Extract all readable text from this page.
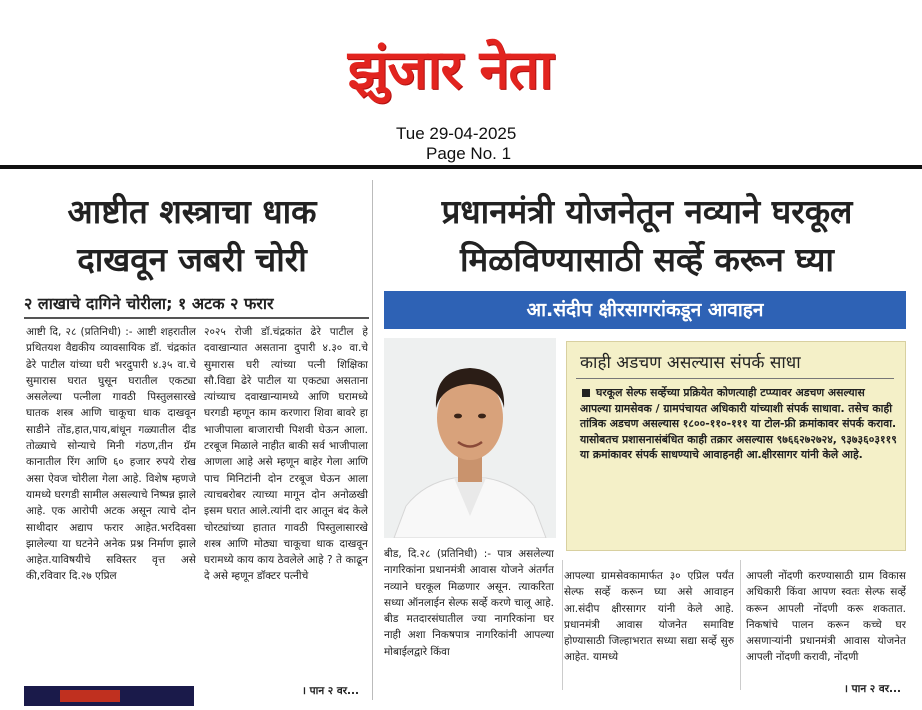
झुंजार नेता
Tue 29-04-2025
Page No. 1
आष्टीत शस्त्राचा धाक
दाखवून जबरी चोरी
२ लाखाचे दागिने चोरीला; १ अटक २ फरार
आष्टी दि, २८ (प्रतिनिधी) :- आष्टी शहरातील प्रथितयश वैद्यकीय व्यावसायिक डॉ. चंद्रकांत ढेरे पाटील यांच्या घरी भरदुपारी ४.३५ वा.चे सुमारास घरात घुसून घरातील एकट्या असलेल्या पत्नीला गावठी पिस्तुलसारखे घातक शस्त्र आणि चाकूचा धाक दाखवून साडीने तोंड,हात,पाय,बांधून गळ्यातील दीड तोळ्याचे सोन्याचे मिनी गंठण,तीन ग्रॅम कानातील रिंग आणि ६० हजार रुपये रोख असा ऐवज चोरीला गेला आहे. विशेष म्हणजे यामध्ये घरगडी सामील असल्याचे निष्पन्न झाले आहे. एक आरोपी अटक असून त्याचे दोन साथीदार अद्याप फरार आहेत.भरदिवसा झालेल्या या घटनेने अनेक प्रश्न निर्माण झाले आहेत.याविषयीचे सविस्तर वृत्त असे की,रविवार दि.२७ एप्रिल
२०२५ रोजी डॉ.चंद्रकांत ढेरे पाटील हे दवाखान्यात असताना दुपारी ४.३० वा.चे सुमारास घरी त्यांच्या पत्नी शिक्षिका सौ.विद्या ढेरे पाटील या एकट्या असताना त्यांच्याच दवाखान्यामध्ये आणि घरामध्ये घरगडी म्हणून काम करणारा शिवा बावरे हा भाजीपाला बाजाराची पिशवी घेऊन आला. टरबूज मिळाले नाहीत बाकी सर्व भाजीपाला आणला आहे असे म्हणून बाहेर गेला आणि पाच मिनिटांनी दोन टरबूज घेऊन आला त्याचबरोबर त्याच्या मागून दोन अनोळखी इसम घरात आले.त्यांनी दार आतून बंद केले चोरट्यांच्या हातात गावठी पिस्तुलासारखे शस्त्र आणि मोठ्या चाकूचा धाक दाखवून घरामध्ये काय काय ठेवलेले आहे ? ते काढून दे असे म्हणून डॉक्टर पत्नीचे
। पान २ वर...
प्रधानमंत्री योजनेतून नव्याने घरकूल
मिळविण्यासाठी सर्व्हे करून घ्या
आ.संदीप क्षीरसागरांकडून आवाहन
काही अडचण असल्यास संपर्क साधा
घरकूल सेल्फ सर्व्हेच्या प्रक्रियेत कोणत्याही टप्प्यावर अडचण असल्यास आपल्या ग्रामसेवक / ग्रामपंचायत अधिकारी यांच्याशी संपर्क साधावा. तसेच काही तांत्रिक अडचण असल्यास १८००-११०-१११ या टोल-फ्री क्रमांकावर संपर्क करावा. यासोबतच प्रशासनासंबंधित काही तक्रार असल्यास ९७६६२७२७२४, ९३७३६०३११९ या क्रमांकावर संपर्क साधण्याचे आवाहनही आ.क्षीरसागर यांनी केले आहे.
बीड, दि.२८ (प्रतिनिधी) :- पात्र असलेल्या नागरिकांना प्रधानमंत्री आवास योजने अंतर्गत नव्याने घरकूल मिळणार असून. त्याकरिता सध्या ऑनलाईन सेल्फ सर्व्हे करणे चालू आहे. बीड मतदारसंघातील ज्या नागरिकांना घर नाही अशा निकषपात्र नागरिकांनी आपल्या मोबाईलद्वारे किंवा
आपल्या ग्रामसेवकामार्फत ३० एप्रिल पर्यंत सेल्फ सर्व्हे करून घ्या असे आवाहन आ.संदीप क्षीरसागर यांनी केले आहे. प्रधानमंत्री आवास योजनेत समाविष्ट होण्यासाठी जिल्हाभरात सध्या सद्या सर्व्हे सुरु आहेत. यामध्ये
आपली नोंदणी करण्यासाठी ग्राम विकास अधिकारी किंवा आपण स्वतः सेल्फ सर्व्हे करून आपली नोंदणी करू शकतात. निकषांचे पालन करून कच्चे घर असणाऱ्यांनी प्रधानमंत्री आवास योजनेत आपली नोंदणी करावी, नोंदणी
। पान २ वर...
